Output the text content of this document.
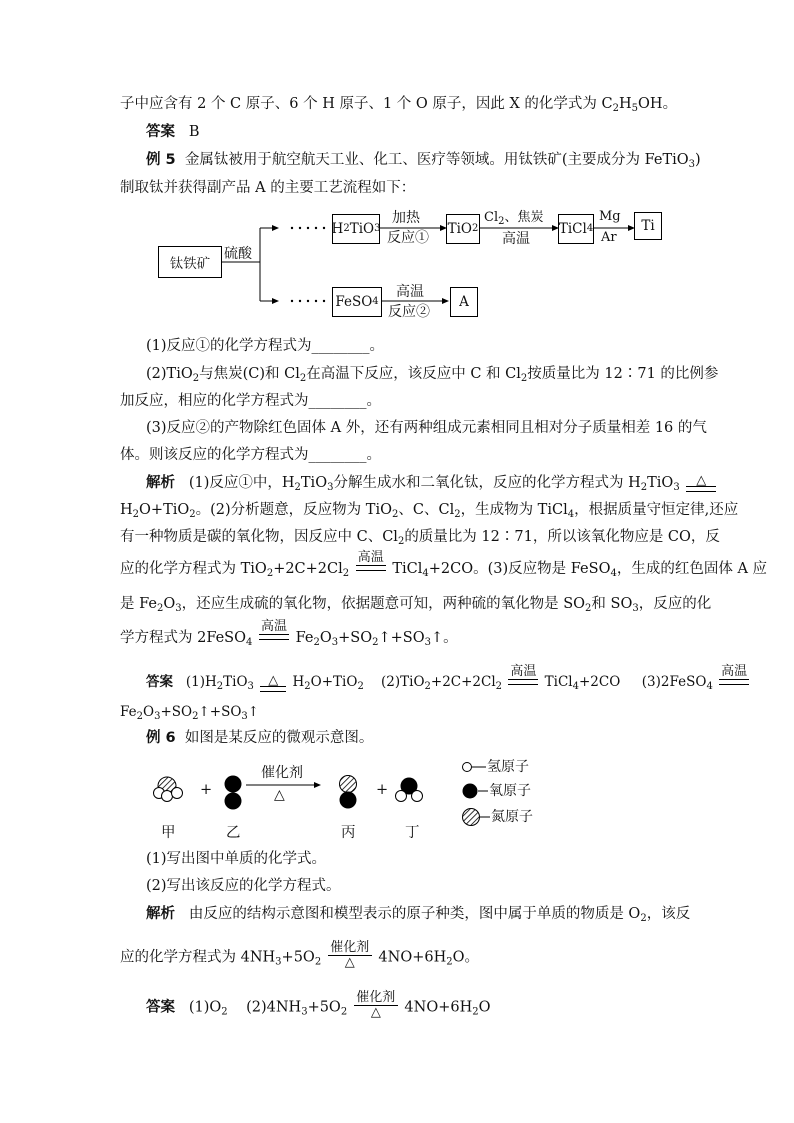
子中应含有 2 个 C 原子、6 个 H 原子、1 个 O 原子，因此 X 的化学式为 $C_2H_5OH$。
答案 B
例 5 金属钛被用于航空航天工业、化工、医疗等领域。用钛铁矿(主要成分为 FeTiO$_3$)
制取钛并获得副产品 A 的主要工艺流程如下：
钛铁矿
硫酸
H 2 TiO 3
加热
反应①
TiO 2
$Cl_2$、焦炭
高温
TiCl 4
Mg
Ar
Ti
FeSO 4
高温
反应②
A
(1)反应①的化学方程式为________。
(2)TiO$_2$与焦炭(C)和 $Cl_2$在高温下反应，该反应中 C 和 $Cl_2$按质量比为 12∶71 的比例参
加反应，相应的化学方程式为________。
(3)反应②的产物除红色固体 A 外，还有两种组成元素相同且相对分子质量相差 16 的气
体。则该反应的化学方程式为________。
解析 (1)反应①中，$H_2TiO_3$分解生成水和二氧化钛，反应的化学方程式为 $H_2TiO_3$	△
$H_2O+TiO_2$。(2)分析题意，反应物为 TiO$_2$、C、$Cl_2$，生成物为 TiCl$_4$，根据质量守恒定律,还应
有一种物质是碳的氧化物，因反应中 C、$Cl_2$的质量比为 12∶71，所以该氧化物应是 CO，反
应的化学方程式为 $TiO_2+2C+2Cl_2$
高温
TiCl$_4$+2CO。(3)反应物是 FeSO$_4$，生成的红色固体 A 应
是 $Fe_2O_3$，还应生成硫的氧化物，依据题意可知，两种硫的氧化物是 $SO_2$和 $SO_3$，反应的化
学方程式为 2FeSO$_4$
高温
$Fe_2O_3+SO_2↑+SO_3↑$。
答案 $(1)H_2TiO_3$	△	$H_2O+TiO_2$ $(2)TiO_2+2C+2Cl_2$
高温
TiCl$_4$+2CO (3)2FeSO$_4$
高温
$Fe_2O_3+SO_2↑+SO_3↑$
例 6 如图是某反应的微观示意图。
+	+
催化剂
△
甲	乙	丙	丁
氢原子
氧原子
氮原子
(1)写出图中单质的化学式。
(2)写出该反应的化学方程式。
解析 由反应的结构示意图和模型表示的原子种类，图中属于单质的物质是 $O_2$，该反
应的化学方程式为 $4NH_3+5O_2$
催化剂
△	$4NO+6H_2O$。
答案 $(1)O_2$ $(2)4NH_3+5O_2$
催化剂
△	$4NO+6H_2O$
